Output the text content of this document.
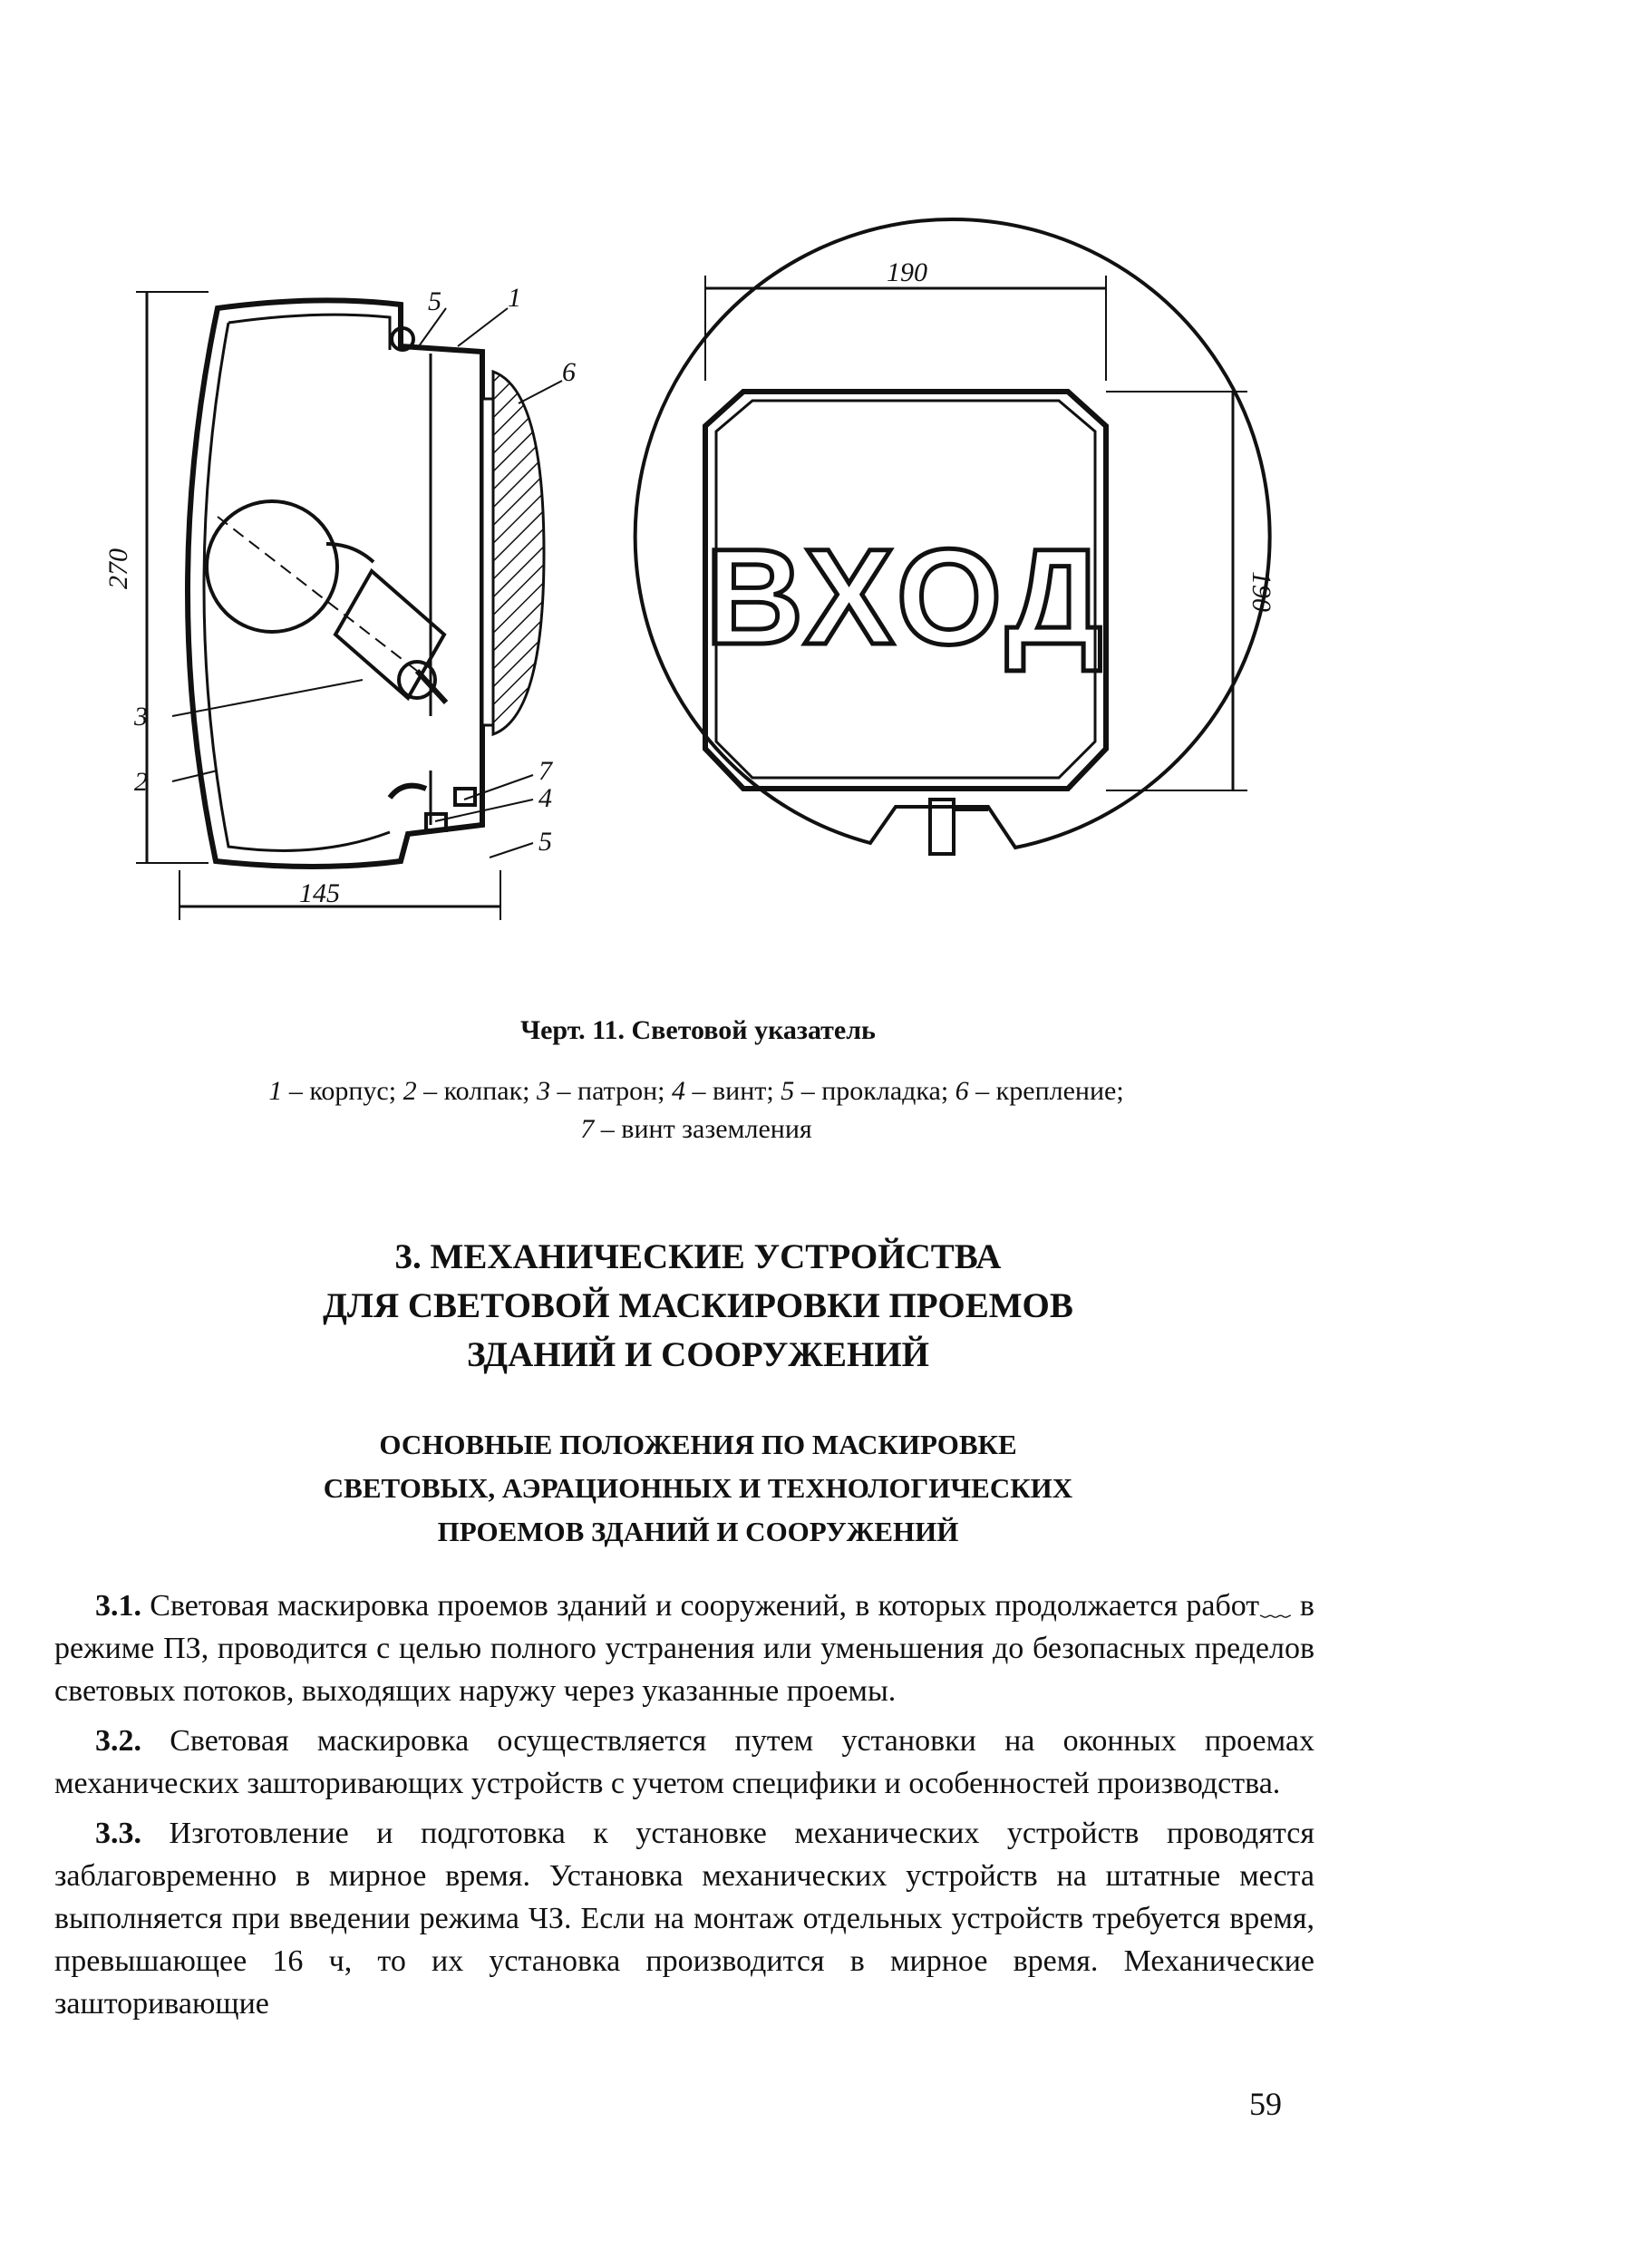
270
145
5 1
6
3
2	7
4
5
ВХОД
190
190
Черт. 11. Световой указатель
1 – корпус; 2 – колпак; 3 – патрон; 4 – винт; 5 – прокладка; 6 – крепление;
7 – винт заземления
3. МЕХАНИЧЕСКИЕ УСТРОЙСТВА
ДЛЯ СВЕТОВОЙ МАСКИРОВКИ ПРОЕМОВ
ЗДАНИЙ И СООРУЖЕНИЙ
ОСНОВНЫЕ ПОЛОЖЕНИЯ ПО МАСКИРОВКЕ
СВЕТОВЫХ, АЭРАЦИОННЫХ И ТЕХНОЛОГИЧЕСКИХ
ПРОЕМОВ ЗДАНИЙ И СООРУЖЕНИЙ

3.1. Световая маскировка проемов зданий и сооружений, в которых продолжается работ﹏ в режиме ПЗ, проводится с целью полного устранения или уменьшения до безопасных пределов световых потоков, выходящих наружу через указанные проемы.

3.2. Световая маскировка осуществляется путем установки на оконных проемах механических зашторивающих устройств с учетом специфики и особенностей производства.

3.3. Изготовление и подготовка к установке механических устройств проводятся заблаговременно в мирное время. Установка механических устройств на штатные места выполняется при введении режима ЧЗ. Если на монтаж отдельных устройств требуется время, превышающее 16 ч, то их установка производится в мирное время. Механические зашторивающие

59
